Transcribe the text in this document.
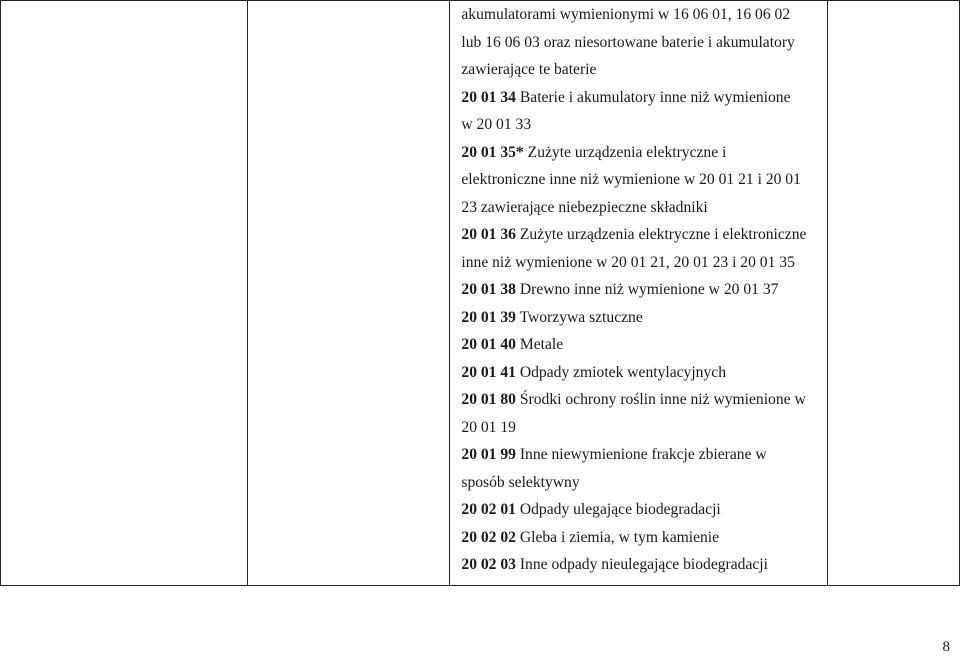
akumulatorami wymienionymi w 16 06 01, 16 06 02

lub 16 06 03 oraz niesortowane baterie i akumulatory

zawierające te baterie

20 01 34 Baterie i akumulatory inne niż wymienione

w 20 01 33

20 01 35* Zużyte urządzenia elektryczne i

elektroniczne inne niż wymienione w 20 01 21 i 20 01

23 zawierające niebezpieczne składniki

20 01 36 Zużyte urządzenia elektryczne i elektroniczne

inne niż wymienione w 20 01 21, 20 01 23 i 20 01 35

20 01 38 Drewno inne niż wymienione w 20 01 37

20 01 39 Tworzywa sztuczne

20 01 40 Metale

20 01 41 Odpady zmiotek wentylacyjnych

20 01 80 Środki ochrony roślin inne niż wymienione w

20 01 19

20 01 99 Inne niewymienione frakcje zbierane w

sposób selektywny

20 02 01 Odpady ulegające biodegradacji

20 02 02 Gleba i ziemia, w tym kamienie

20 02 03 Inne odpady nieulegające biodegradacji

8
